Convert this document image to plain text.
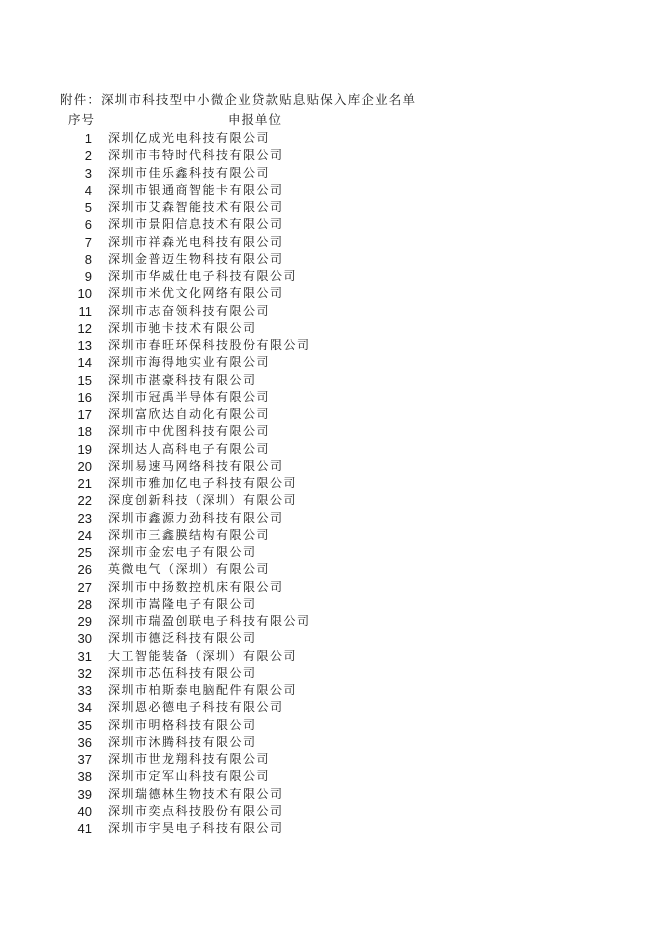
附件：深圳市科技型中小微企业贷款贴息贴保入库企业名单
序号	申报单位
1 深圳亿成光电科技有限公司
2 深圳市韦特时代科技有限公司
3 深圳市佳乐鑫科技有限公司
4 深圳市银通商智能卡有限公司
5 深圳市艾森智能技术有限公司
6 深圳市景阳信息技术有限公司
7 深圳市祥森光电科技有限公司
8 深圳金普迈生物科技有限公司
9 深圳市华威仕电子科技有限公司
10 深圳市米优文化网络有限公司
11 深圳市志奋领科技有限公司
12 深圳市驰卡技术有限公司
13 深圳市春旺环保科技股份有限公司
14 深圳市海得地实业有限公司
15 深圳市湛豪科技有限公司
16 深圳市冠禹半导体有限公司
17 深圳富欣达自动化有限公司
18 深圳市中优图科技有限公司
19 深圳达人高科电子有限公司
20 深圳易速马网络科技有限公司
21 深圳市雅加亿电子科技有限公司
22 深度创新科技（深圳）有限公司
23 深圳市鑫源力劲科技有限公司
24 深圳市三鑫膜结构有限公司
25 深圳市金宏电子有限公司
26 英微电气（深圳）有限公司
27 深圳市中扬数控机床有限公司
28 深圳市嵩隆电子有限公司
29 深圳市瑞盈创联电子科技有限公司
30 深圳市德泛科技有限公司
31 大工智能装备（深圳）有限公司
32 深圳市芯伍科技有限公司
33 深圳市柏斯泰电脑配件有限公司
34 深圳恩必德电子科技有限公司
35 深圳市明格科技有限公司
36 深圳市沐腾科技有限公司
37 深圳市世龙翔科技有限公司
38 深圳市定军山科技有限公司
39 深圳瑞德林生物技术有限公司
40 深圳市奕点科技股份有限公司
41 深圳市宇昊电子科技有限公司
